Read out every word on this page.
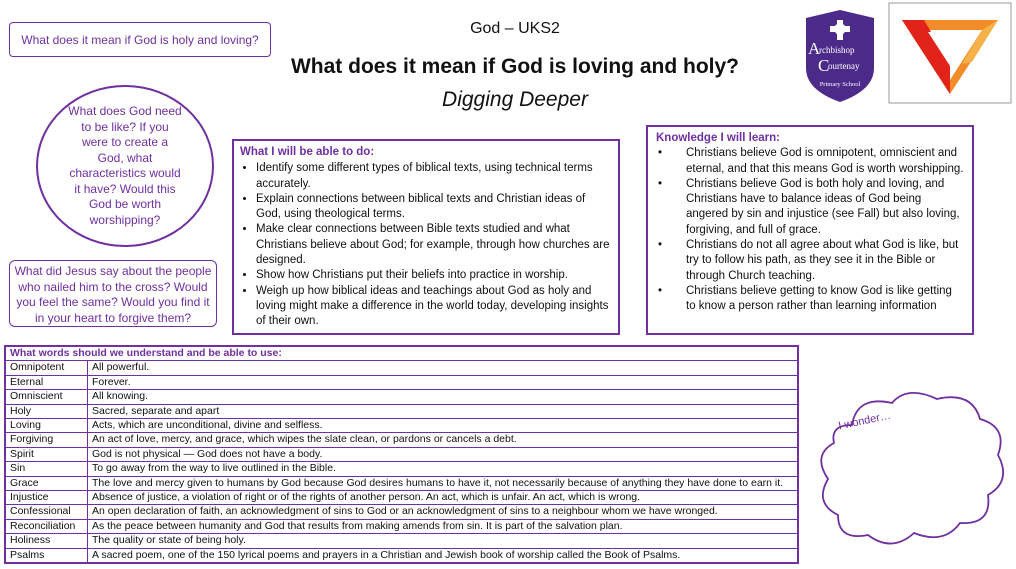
What does it mean if God is holy and loving?
God – UKS2
What does it mean if God is loving and holy?
Digging Deeper
A
rchbishop
C
ourtenay
Primary School
What does God need to be like? If you were to create a God, what characteristics would it have? Would this God be worth worshipping?
What did Jesus say about the people who nailed him to the cross? Would you feel the same? Would you find it in your heart to forgive them?
What I will be able to do:
• Identify some different types of biblical texts, using technical terms accurately.
• Explain connections between biblical texts and Christian ideas of God, using theological terms.
• Make clear connections between Bible texts studied and what Christians believe about God; for example, through how churches are designed.
• Show how Christians put their beliefs into practice in worship.
• Weigh up how biblical ideas and teachings about God as holy and loving might make a difference in the world today, developing insights of their own.
Knowledge I will learn:
• Christians believe God is omnipotent, omniscient and eternal, and that this means God is worth worshipping.
• Christians believe God is both holy and loving, and Christians have to balance ideas of God being angered by sin and injustice (see Fall) but also loving, forgiving, and full of grace.
• Christians do not all agree about what God is like, but try to follow his path, as they see it in the Bible or through Church teaching.
• Christians believe getting to know God is like getting to know a person rather than learning information
What words should we understand and be able to use:	
Omnipotent	All powerful.
Eternal	Forever.
Omniscient	All knowing.
Holy	Sacred, separate and apart
Loving	Acts, which are unconditional, divine and selfless.
Forgiving	An act of love, mercy, and grace, which wipes the slate clean, or pardons or cancels a debt.
Spirit	God is not physical — God does not have a body.
Sin	To go away from the way to live outlined in the Bible.
Grace	The love and mercy given to humans by God because God desires humans to have it, not necessarily because of anything they have done to earn it.
Injustice	Absence of justice, a violation of right or of the rights of another person. An act, which is unfair. An act, which is wrong.
Confessional	An open declaration of faith, an acknowledgment of sins to God or an acknowledgment of sins to a neighbour whom we have wronged.
Reconciliation	As the peace between humanity and God that results from making amends from sin. It is part of the salvation plan.
Holiness	The quality or state of being holy.
Psalms	A sacred poem, one of the 150 lyrical poems and prayers in a Christian and Jewish book of worship called the Book of Psalms.
I wonder…
